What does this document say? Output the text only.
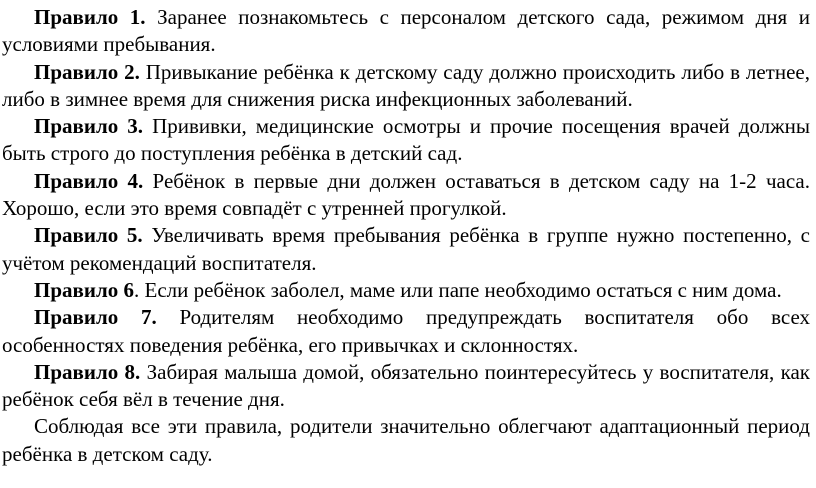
Правило 1. Заранее познакомьтесь с персоналом детского сада, режимом дня и условиями пребывания.

Правило 2. Привыкание ребёнка к детскому саду должно происходить либо в летнее, либо в зимнее время для снижения риска инфекционных заболеваний.

Правило 3. Прививки, медицинские осмотры и прочие посещения врачей должны быть строго до поступления ребёнка в детский сад.

Правило 4. Ребёнок в первые дни должен оставаться в детском саду на 1-2 часа. Хорошо, если это время совпадёт с утренней прогулкой.

Правило 5. Увеличивать время пребывания ребёнка в группе нужно постепенно, с учётом рекомендаций воспитателя.

Правило 6. Если ребёнок заболел, маме или папе необходимо остаться с ним дома.

Правило 7. Родителям необходимо предупреждать воспитателя обо всех особенностях поведения ребёнка, его привычках и склонностях.

Правило 8. Забирая малыша домой, обязательно поинтересуйтесь у воспитателя, как ребёнок себя вёл в течение дня.

Соблюдая все эти правила, родители значительно облегчают адаптационный период ребёнка в детском саду.
